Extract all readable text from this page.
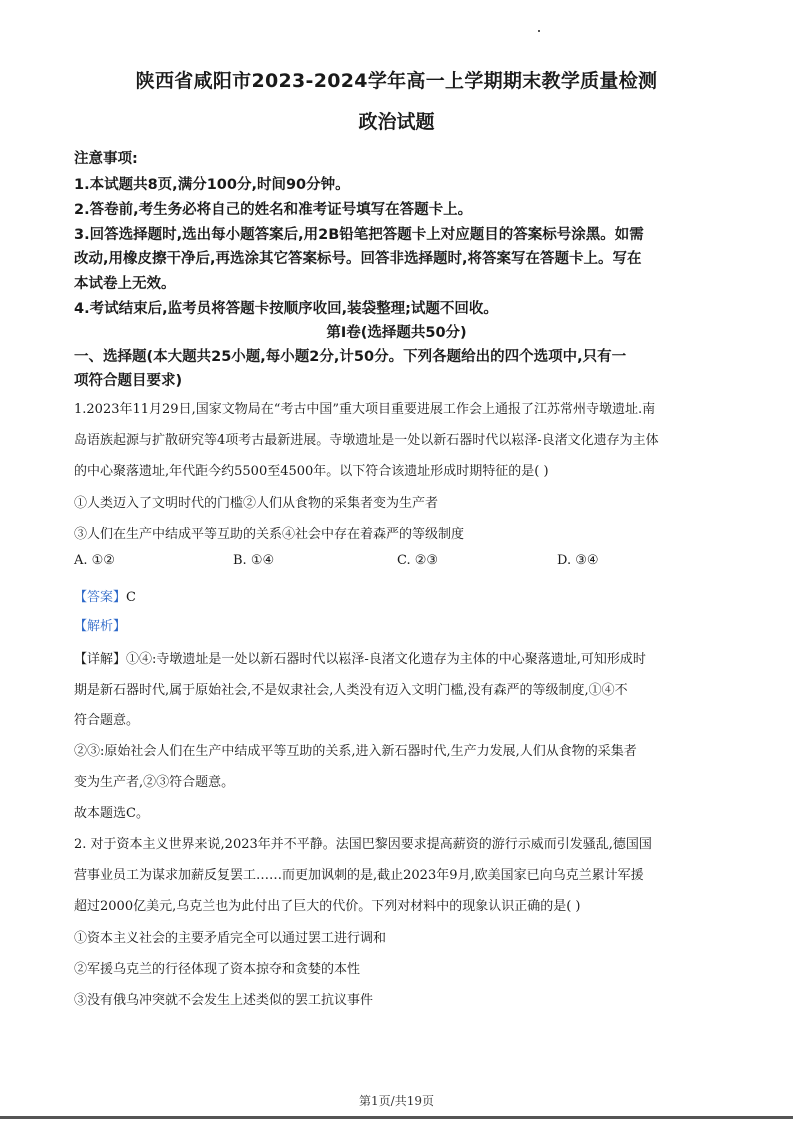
陕西省咸阳市2023-2024学年高一上学期期末教学质量检测
政治试题
注意事项:
1.本试题共8页,满分100分,时间90分钟。
2.答卷前,考生务必将自己的姓名和准考证号填写在答题卡上。
3.回答选择题时,选出每小题答案后,用2B铅笔把答题卡上对应题目的答案标号涂黑。如需
改动,用橡皮擦干净后,再选涂其它答案标号。回答非选择题时,将答案写在答题卡上。写在
本试卷上无效。
4.考试结束后,监考员将答题卡按顺序收回,装袋整理;试题不回收。
第Ⅰ卷(选择题共50分)
一、选择题(本大题共25小题,每小题2分,计50分。下列各题给出的四个选项中,只有一
项符合题目要求)
1.2023年11月29日,国家文物局在“考古中国”重大项目重要进展工作会上通报了江苏常州寺墩遗址.南
岛语族起源与扩散研究等4项考古最新进展。寺墩遗址是一处以新石器时代以崧泽-良渚文化遗存为主体
的中心聚落遗址,年代距今约5500至4500年。以下符合该遗址形成时期特征的是( )
①人类迈入了文明时代的门槛②人们从食物的采集者变为生产者
③人们在生产中结成平等互助的关系④社会中存在着森严的等级制度
A. ①②	B. ①④	C. ②③	D. ③④
【答案】C
【解析】
【详解】①④:寺墩遗址是一处以新石器时代以崧泽-良渚文化遗存为主体的中心聚落遗址,可知形成时
期是新石器时代,属于原始社会,不是奴隶社会,人类没有迈入文明门槛,没有森严的等级制度,①④不
符合题意。
②③:原始社会人们在生产中结成平等互助的关系,进入新石器时代,生产力发展,人们从食物的采集者
变为生产者,②③符合题意。
故本题选C。
2. 对于资本主义世界来说,2023年并不平静。法国巴黎因要求提高薪资的游行示威而引发骚乱,德国国
营事业员工为谋求加薪反复罢工……而更加讽刺的是,截止2023年9月,欧美国家已向乌克兰累计军援
超过2000亿美元,乌克兰也为此付出了巨大的代价。下列对材料中的现象认识正确的是( )
①资本主义社会的主要矛盾完全可以通过罢工进行调和
②军援乌克兰的行径体现了资本掠夺和贪婪的本性
③没有俄乌冲突就不会发生上述类似的罢工抗议事件
第1页/共19页
